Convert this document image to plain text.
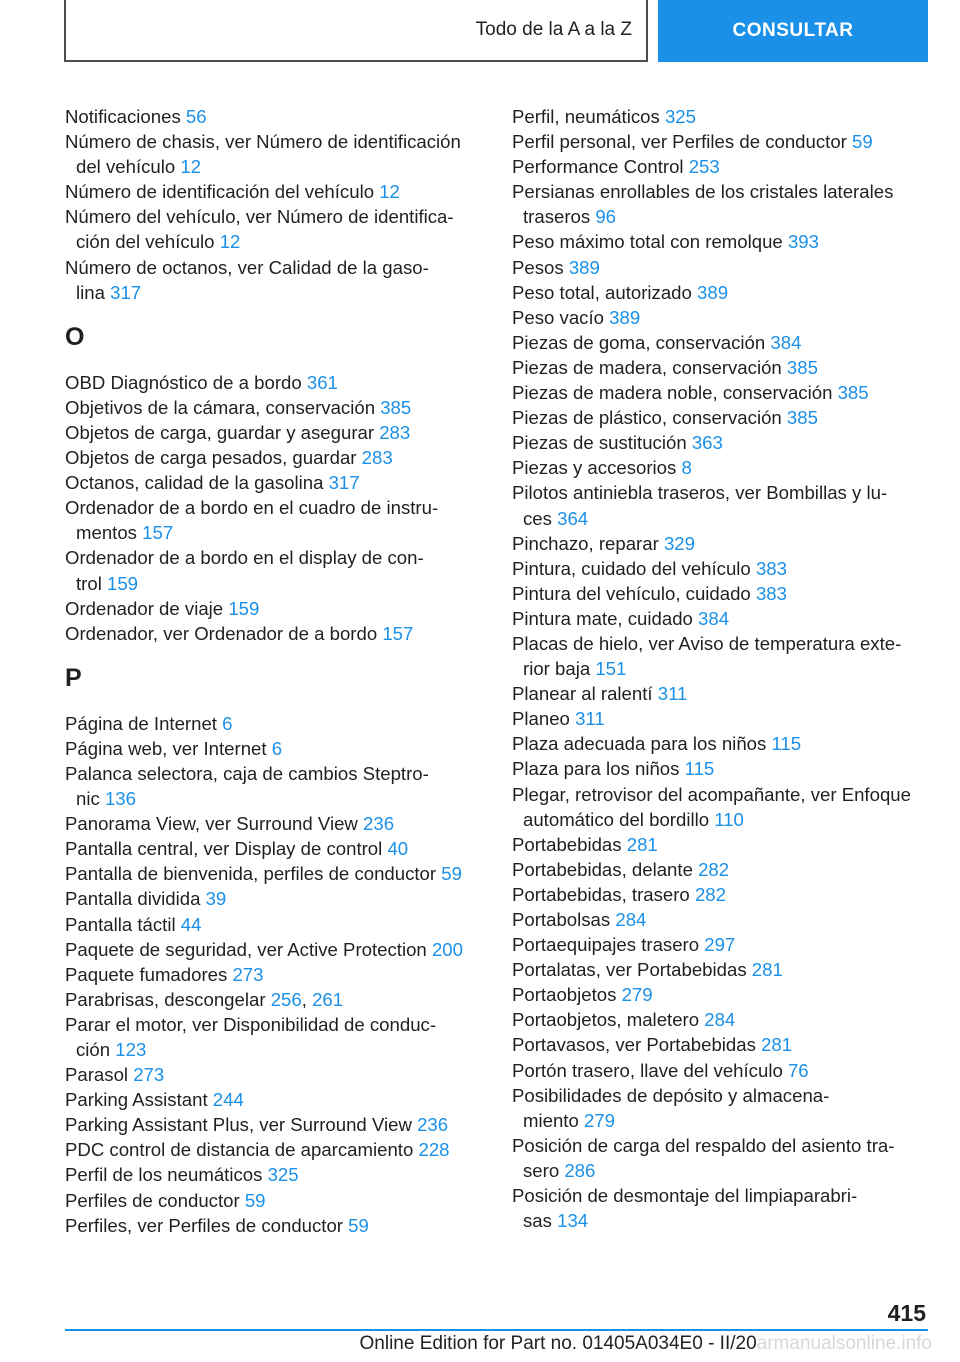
Todo de la A a la Z	CONSULTAR
Notificaciones 56
Número de chasis, ver Número de identificación
del vehículo 12
Número de identificación del vehículo 12
Número del vehículo, ver Número de identifica-
ción del vehículo 12
Número de octanos, ver Calidad de la gaso-
lina 317
O
OBD Diagnóstico de a bordo 361
Objetivos de la cámara, conservación 385
Objetos de carga, guardar y asegurar 283
Objetos de carga pesados, guardar 283
Octanos, calidad de la gasolina 317
Ordenador de a bordo en el cuadro de instru-
mentos 157
Ordenador de a bordo en el display de con-
trol 159
Ordenador de viaje 159
Ordenador, ver Ordenador de a bordo 157
P
Página de Internet 6
Página web, ver Internet 6
Palanca selectora, caja de cambios Steptro-
nic 136
Panorama View, ver Surround View 236
Pantalla central, ver Display de control 40
Pantalla de bienvenida, perfiles de conductor 59
Pantalla dividida 39
Pantalla táctil 44
Paquete de seguridad, ver Active Protection 200
Paquete fumadores 273
Parabrisas, descongelar 256, 261
Parar el motor, ver Disponibilidad de conduc-
ción 123
Parasol 273
Parking Assistant 244
Parking Assistant Plus, ver Surround View 236
PDC control de distancia de aparcamiento 228
Perfil de los neumáticos 325
Perfiles de conductor 59
Perfiles, ver Perfiles de conductor 59
Perfil, neumáticos 325
Perfil personal, ver Perfiles de conductor 59
Performance Control 253
Persianas enrollables de los cristales laterales
traseros 96
Peso máximo total con remolque 393
Pesos 389
Peso total, autorizado 389
Peso vacío 389
Piezas de goma, conservación 384
Piezas de madera, conservación 385
Piezas de madera noble, conservación 385
Piezas de plástico, conservación 385
Piezas de sustitución 363
Piezas y accesorios 8
Pilotos antiniebla traseros, ver Bombillas y lu-
ces 364
Pinchazo, reparar 329
Pintura, cuidado del vehículo 383
Pintura del vehículo, cuidado 383
Pintura mate, cuidado 384
Placas de hielo, ver Aviso de temperatura exte-
rior baja 151
Planear al ralentí 311
Planeo 311
Plaza adecuada para los niños 115
Plaza para los niños 115
Plegar, retrovisor del acompañante, ver Enfoque
automático del bordillo 110
Portabebidas 281
Portabebidas, delante 282
Portabebidas, trasero 282
Portabolsas 284
Portaequipajes trasero 297
Portalatas, ver Portabebidas 281
Portaobjetos 279
Portaobjetos, maletero 284
Portavasos, ver Portabebidas 281
Portón trasero, llave del vehículo 76
Posibilidades de depósito y almacena-
miento 279
Posición de carga del respaldo del asiento tra-
sero 286
Posición de desmontaje del limpiaparabri-
sas 134
415
Online Edition for Part no. 01405A034E0 - II/20armanualsonline.info
